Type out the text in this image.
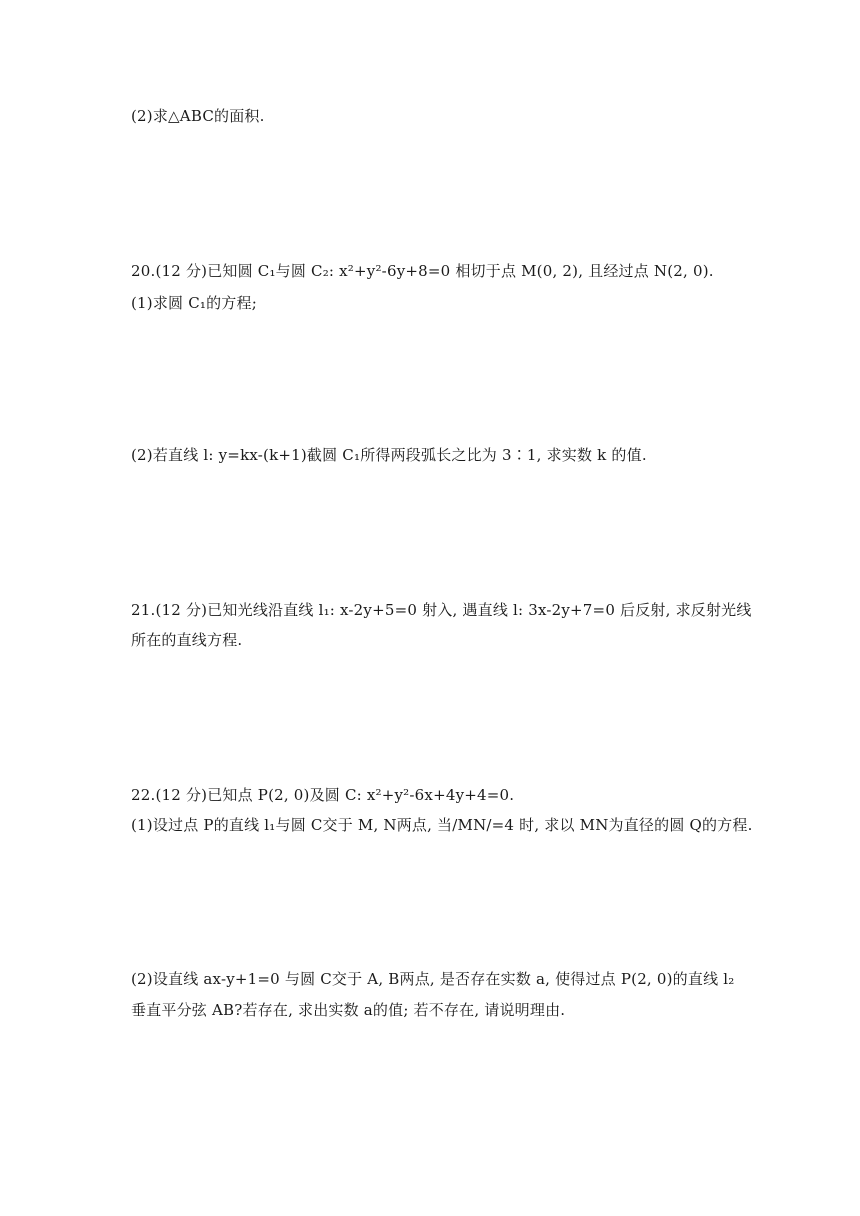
(2)求△ABC的面积.
20.(12 分)已知圆 C₁与圆 C₂: x²+y²-6y+8=0 相切于点 M(0, 2), 且经过点 N(2, 0).
(1)求圆 C₁的方程;
(2)若直线 l: y=kx-(k+1)截圆 C₁所得两段弧长之比为 3∶1, 求实数 k 的值.
21.(12 分)已知光线沿直线 l₁: x-2y+5=0 射入, 遇直线 l: 3x-2y+7=0 后反射, 求反射光线
所在的直线方程.
22.(12 分)已知点 P(2, 0)及圆 C: x²+y²-6x+4y+4=0.
(1)设过点 P的直线 l₁与圆 C交于 M, N两点, 当/MN/=4 时, 求以 MN为直径的圆 Q的方程.
(2)设直线 ax-y+1=0 与圆 C交于 A, B两点, 是否存在实数 a, 使得过点 P(2, 0)的直线 l₂
垂直平分弦 AB?若存在, 求出实数 a的值; 若不存在, 请说明理由.
